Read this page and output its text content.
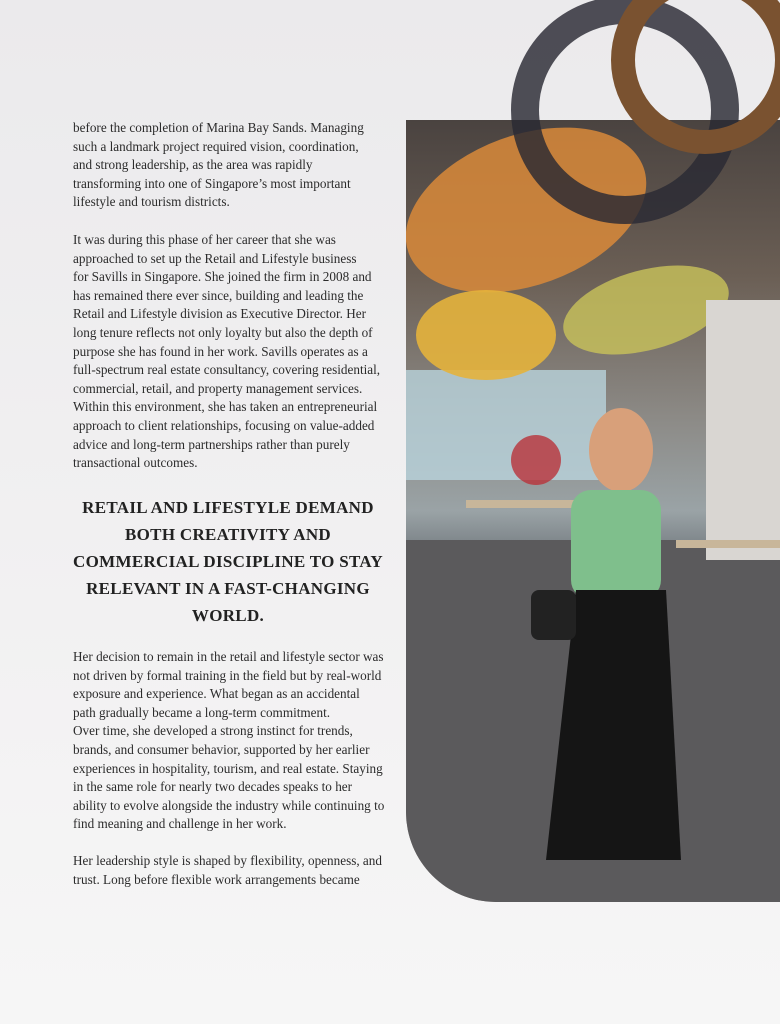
before the completion of Marina Bay Sands. Managing
such a landmark project required vision, coordination,
and strong leadership, as the area was rapidly
transforming into one of Singapore’s most important
lifestyle and tourism districts.
It was during this phase of her career that she was
approached to set up the Retail and Lifestyle business
for Savills in Singapore. She joined the firm in 2008 and
has remained there ever since, building and leading the
Retail and Lifestyle division as Executive Director. Her
long tenure reflects not only loyalty but also the depth of
purpose she has found in her work. Savills operates as a
full-spectrum real estate consultancy, covering residential,
commercial, retail, and property management services.
Within this environment, she has taken an entrepreneurial
approach to client relationships, focusing on value-added
advice and long-term partnerships rather than purely
transactional outcomes.
RETAIL AND LIFESTYLE DEMAND
BOTH CREATIVITY AND
COMMERCIAL DISCIPLINE TO STAY
RELEVANT IN A FAST-CHANGING
WORLD.
Her decision to remain in the retail and lifestyle sector was
not driven by formal training in the field but by real-world
exposure and experience. What began as an accidental
path gradually became a long-term commitment.
Over time, she developed a strong instinct for trends,
brands, and consumer behavior, supported by her earlier
experiences in hospitality, tourism, and real estate. Staying
in the same role for nearly two decades speaks to her
ability to evolve alongside the industry while continuing to
find meaning and challenge in her work.
Her leadership style is shaped by flexibility, openness, and
trust. Long before flexible work arrangements became
